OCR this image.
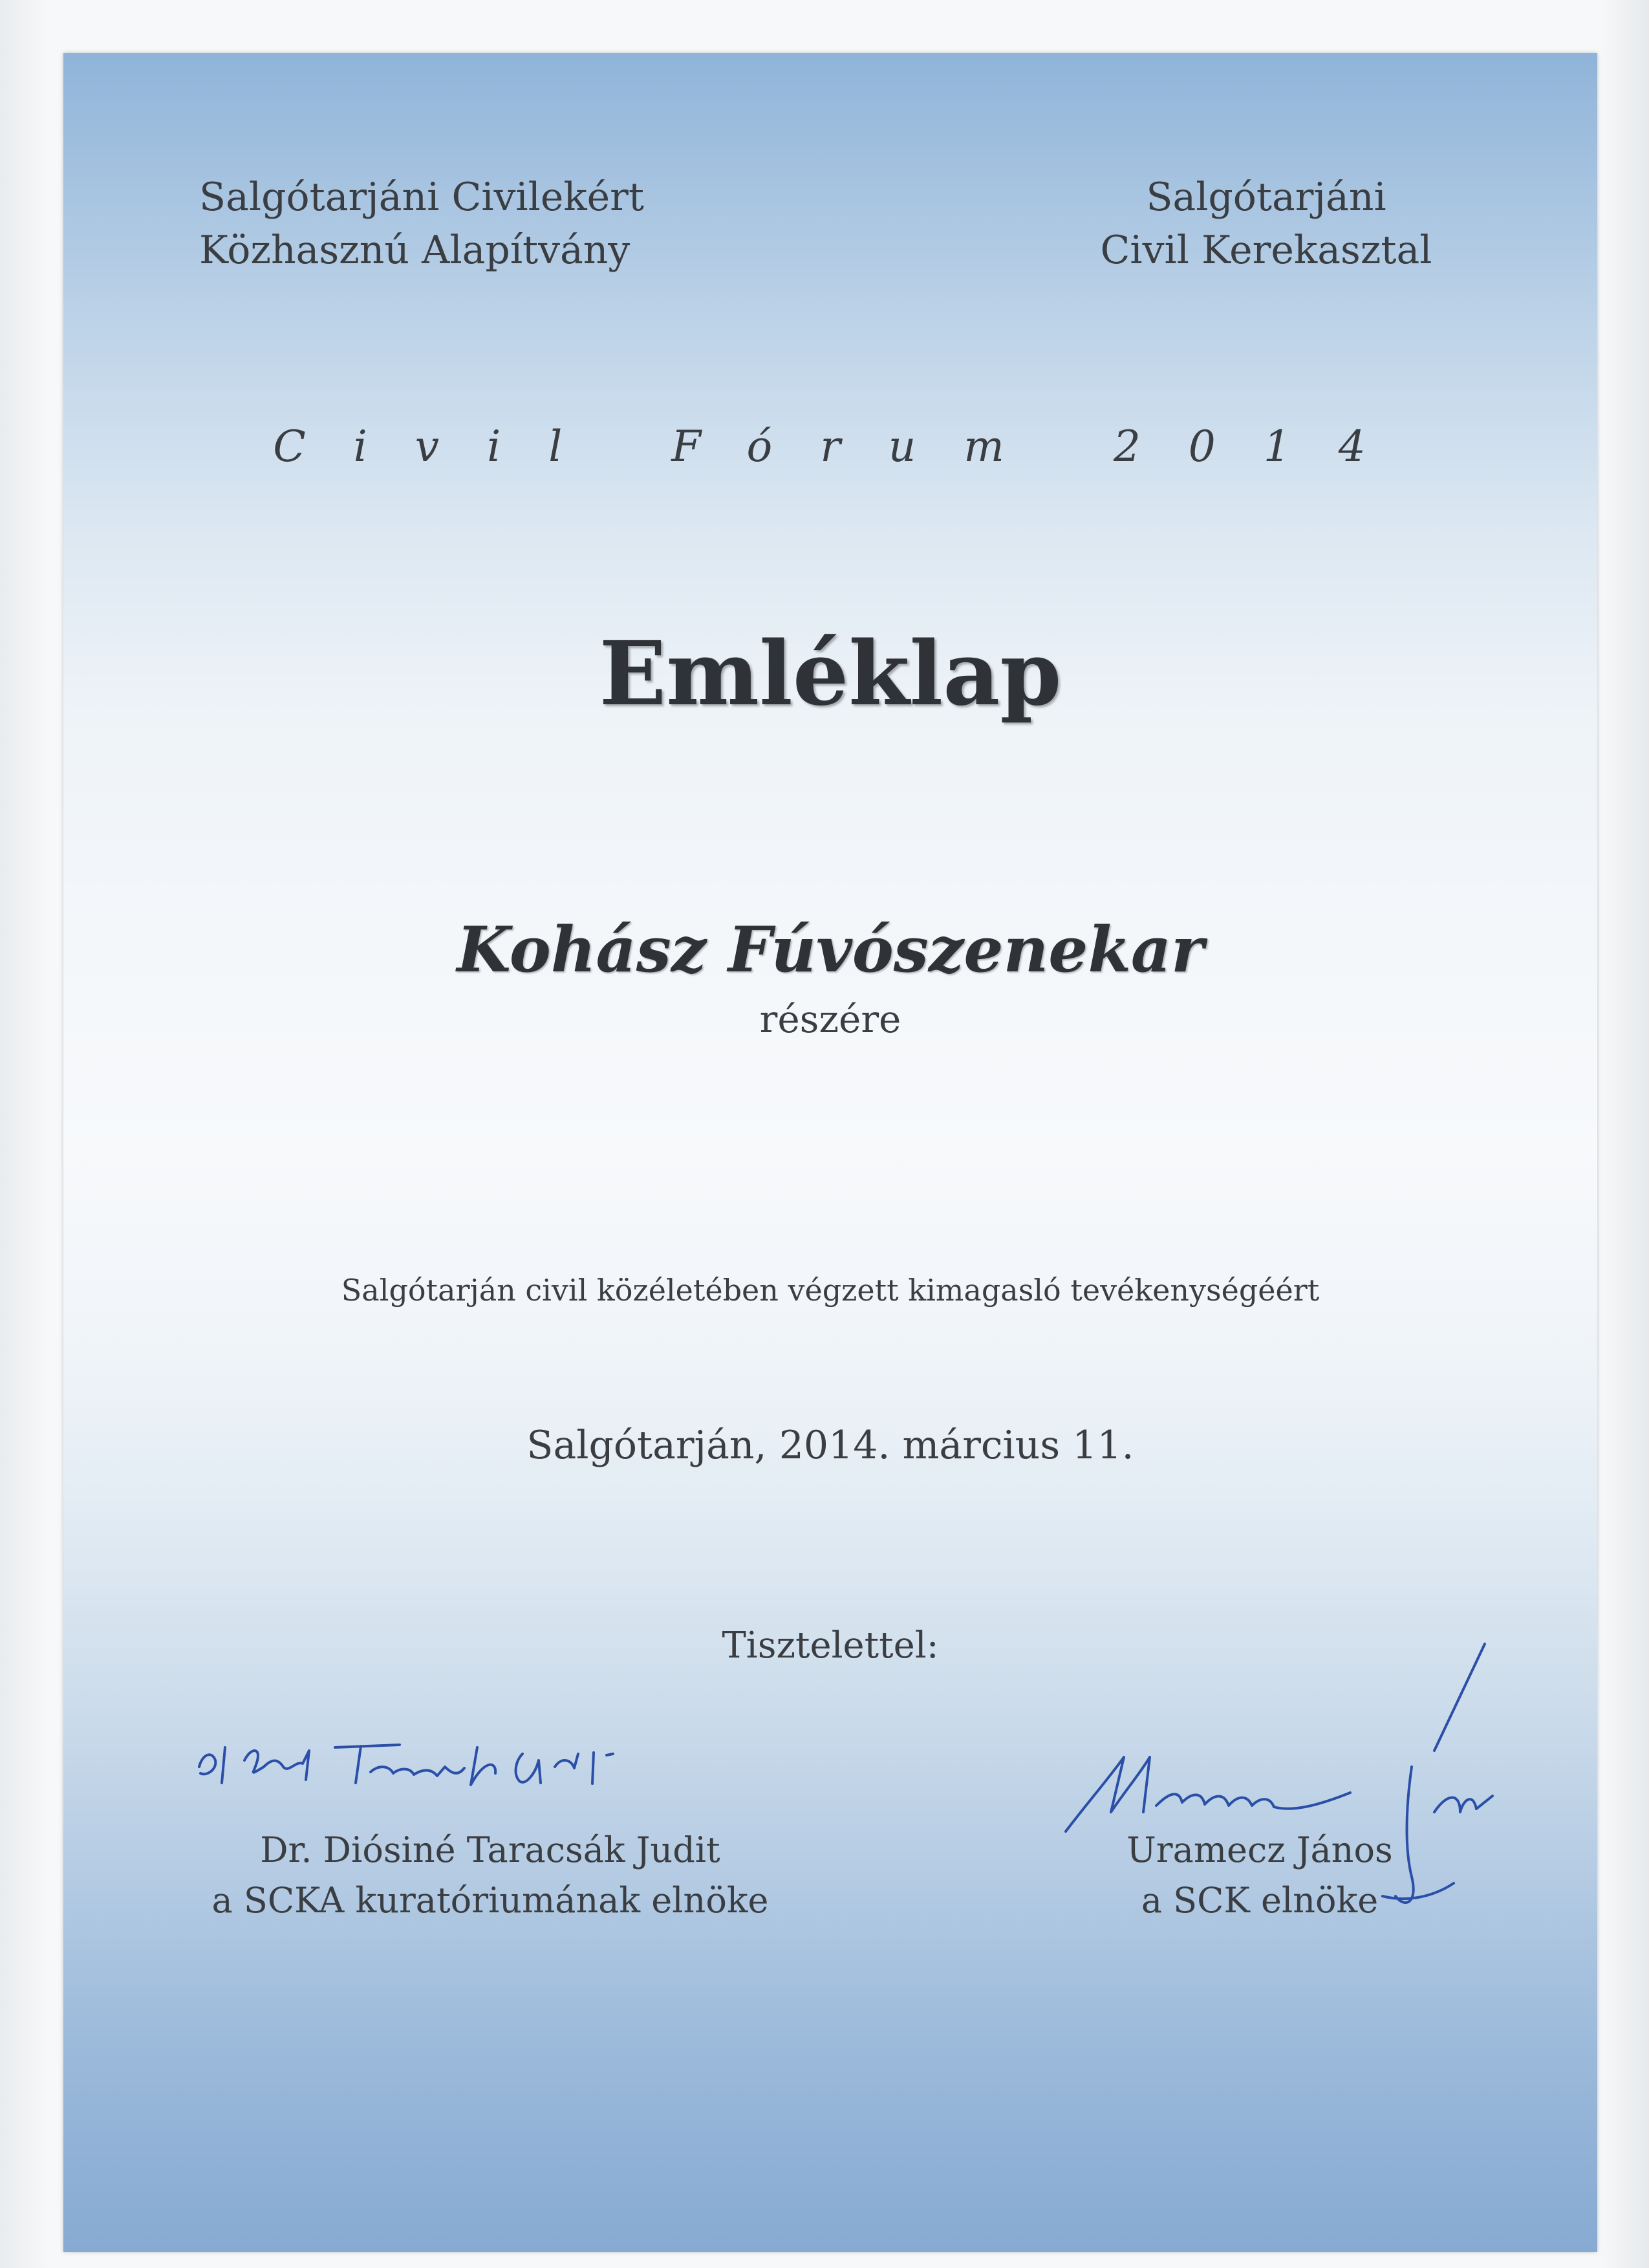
Salgótarjáni Civilekért
Közhasznú Alapítvány
Salgótarjáni
Civil Kerekasztal
Civil Fórum 2014
Emléklap
Kohász Fúvószenekar
részére
Salgótarján civil közéletében végzett kimagasló tevékenységéért
Salgótarján, 2014. március 11.
Tisztelettel:
Dr. Diósiné Taracsák Judit
a SCKA kuratóriumának elnöke
Uramecz János
a SCK elnöke
